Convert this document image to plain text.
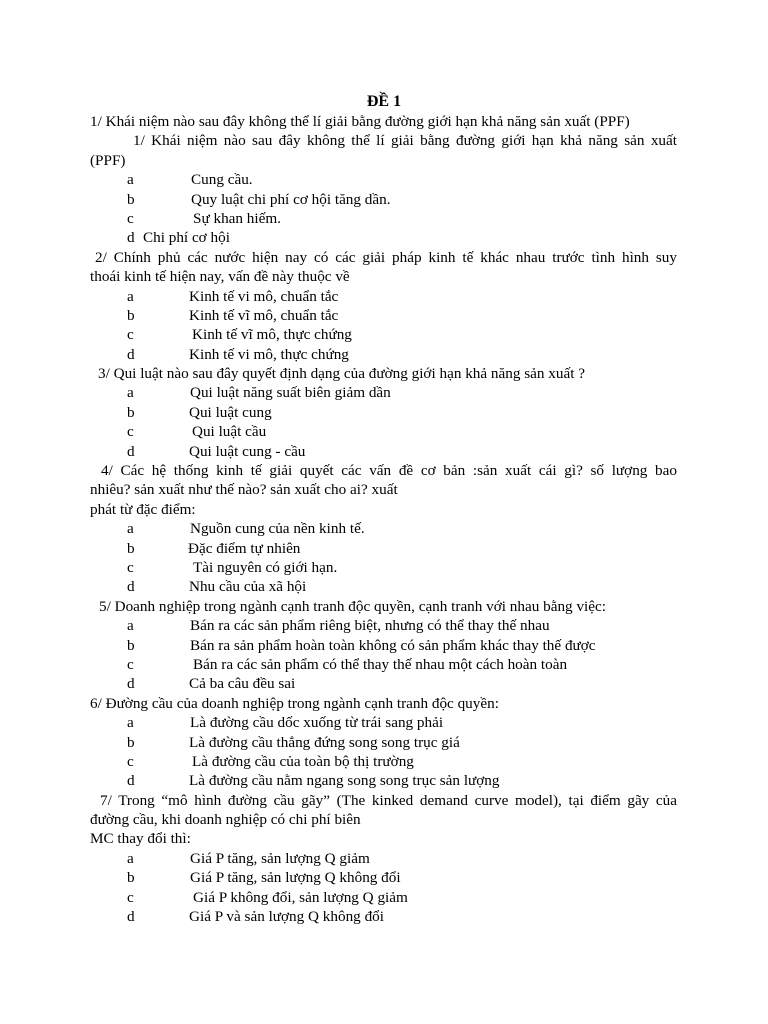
ĐỀ 1
1/ Khái niệm nào sau đây không thể lí giải bằng đường giới hạn khả năng sản xuất (PPF)
1/ Khái niệm nào sau đây không thể lí giải bằng đường giới hạn khả năng sản xuất
(PPF)
a	Cung cầu.
b	Quy luật chi phí cơ hội tăng dần.
c	Sự khan hiếm.
d Chi phí cơ hội
2/ Chính phủ các nước hiện nay có các giải pháp kinh tế khác nhau trước tình hình suy
thoái kinh tế hiện nay, vấn đề này thuộc về
a	Kinh tế vi mô, chuẩn tắc
b	Kinh tế vĩ mô, chuẩn tắc
c	Kinh tế vĩ mô, thực chứng
d	Kinh tế vi mô, thực chứng
3/ Qui luật nào sau đây quyết định dạng của đường giới hạn khả năng sản xuất ?
a	Qui luật năng suất biên giảm dần
b	Qui luật cung
c	Qui luật cầu
d	Qui luật cung - cầu
4/ Các hệ thống kinh tế giải quyết các vấn đề cơ bản :sản xuất cái gì? số lượng bao
nhiêu? sản xuất như thế nào? sản xuất cho ai? xuất
phát từ đặc điểm:
a	Nguồn cung của nền kinh tế.
b	Đặc điểm tự nhiên
c	Tài nguyên có giới hạn.
d	Nhu cầu của xã hội
5/ Doanh nghiệp trong ngành cạnh tranh độc quyền, cạnh tranh với nhau bằng việc:
a	Bán ra các sản phẩm riêng biệt, nhưng có thể thay thế nhau
b	Bán ra sản phẩm hoàn toàn không có sản phẩm khác thay thế được
c	Bán ra các sản phẩm có thể thay thế nhau một cách hoàn toàn
d	Cả ba câu đều sai
6/ Đường cầu của doanh nghiệp trong ngành cạnh tranh độc quyền:
a	Là đường cầu dốc xuống từ trái sang phải
b	Là đường cầu thẳng đứng song song trục giá
c	Là đường cầu của toàn bộ thị trường
d	Là đường cầu nằm ngang song song trục sản lượng
7/ Trong “mô hình đường cầu gãy” (The kinked demand curve model), tại điểm gãy của
đường cầu, khi doanh nghiệp có chi phí biên
MC thay đổi thì:
a	Giá P tăng, sản lượng Q giảm
b	Giá P tăng, sản lượng Q không đổi
c	Giá P không đổi, sản lượng Q giảm
d	Giá P và sản lượng Q không đổi
